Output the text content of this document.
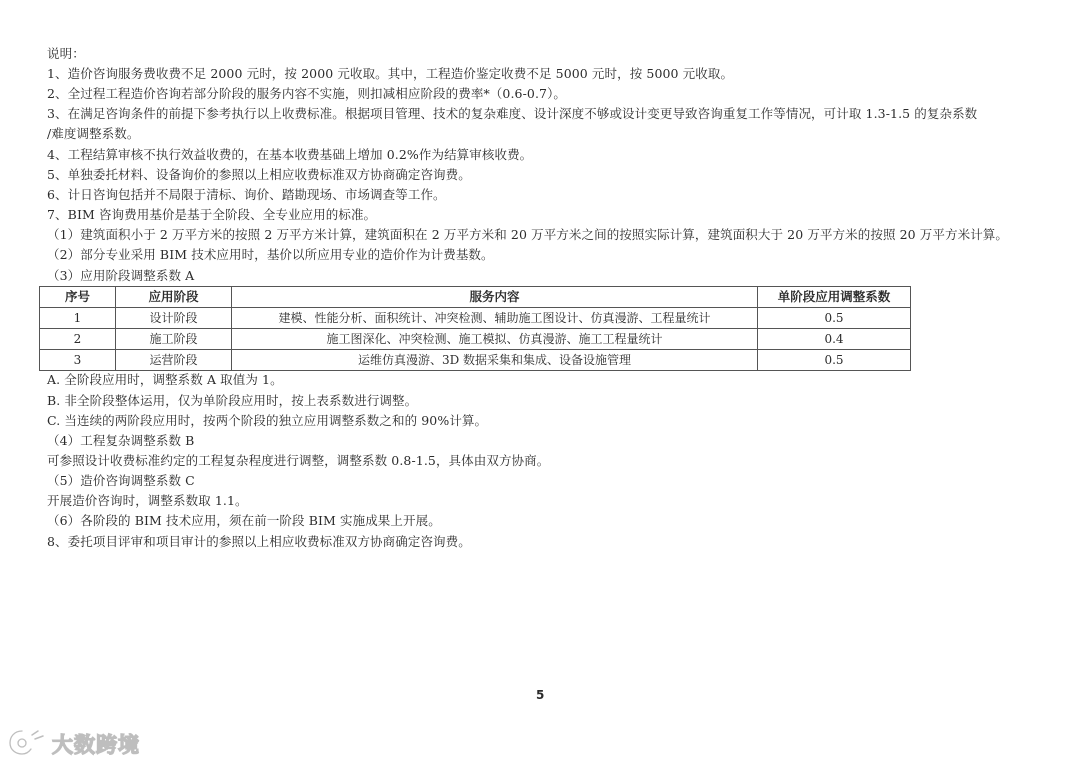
说明：
1、造价咨询服务费收费不足 2000 元时，按 2000 元收取。其中，工程造价鉴定收费不足 5000 元时，按 5000 元收取。
2、全过程工程造价咨询若部分阶段的服务内容不实施，则扣减相应阶段的费率*（0.6-0.7）。
3、在满足咨询条件的前提下参考执行以上收费标准。根据项目管理、技术的复杂难度、设计深度不够或设计变更导致咨询重复工作等情况，可计取 1.3-1.5 的复杂系数
/难度调整系数。
4、工程结算审核不执行效益收费的，在基本收费基础上增加 0.2%作为结算审核收费。
5、单独委托材料、设备询价的参照以上相应收费标准双方协商确定咨询费。
6、计日咨询包括并不局限于清标、询价、踏勘现场、市场调查等工作。
7、BIM 咨询费用基价是基于全阶段、全专业应用的标准。
（1）建筑面积小于 2 万平方米的按照 2 万平方米计算，建筑面积在 2 万平方米和 20 万平方米之间的按照实际计算，建筑面积大于 20 万平方米的按照 20 万平方米计算。
（2）部分专业采用 BIM 技术应用时，基价以所应用专业的造价作为计费基数。
（3）应用阶段调整系数 A
序号	应用阶段	服务内容	单阶段应用调整系数
1	设计阶段	建模、性能分析、面积统计、冲突检测、辅助施工图设计、仿真漫游、工程量统计	0.5
2	施工阶段	施工图深化、冲突检测、施工模拟、仿真漫游、施工工程量统计	0.4
3	运营阶段	运维仿真漫游、3D 数据采集和集成、设备设施管理	0.5
A. 全阶段应用时，调整系数 A 取值为 1。
B. 非全阶段整体运用，仅为单阶段应用时，按上表系数进行调整。
C. 当连续的两阶段应用时，按两个阶段的独立应用调整系数之和的 90%计算。
（4）工程复杂调整系数 B
可参照设计收费标准约定的工程复杂程度进行调整，调整系数 0.8-1.5，具体由双方协商。
（5）造价咨询调整系数 C
开展造价咨询时，调整系数取 1.1。
（6）各阶段的 BIM 技术应用，须在前一阶段 BIM 实施成果上开展。
8、委托项目评审和项目审计的参照以上相应收费标准双方协商确定咨询费。
5
大数跨境
